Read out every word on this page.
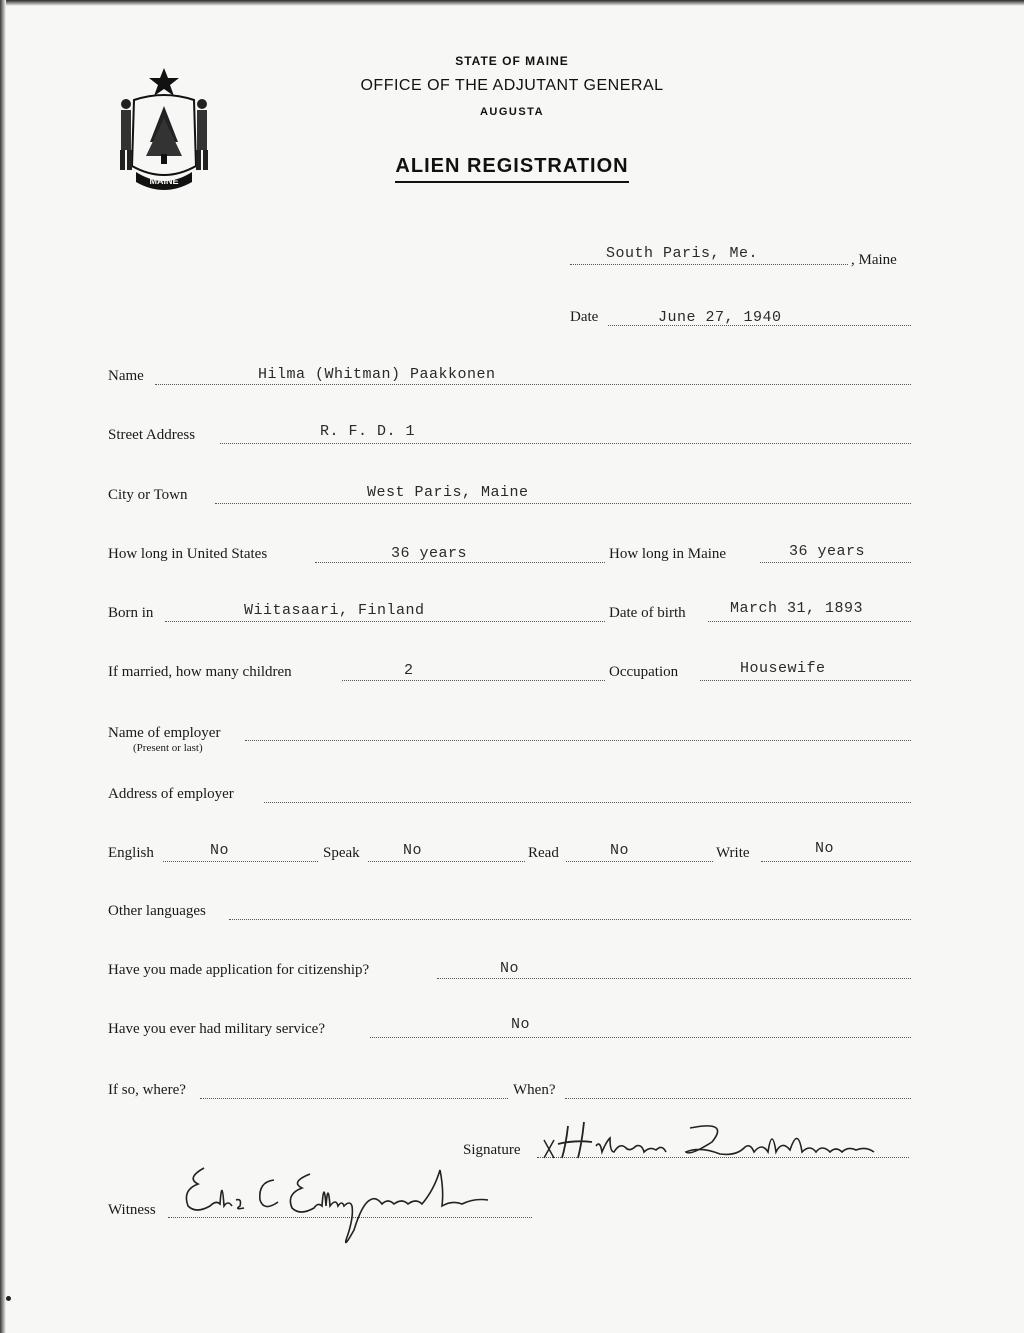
MAINE
STATE OF MAINE
OFFICE OF THE ADJUTANT GENERAL
AUGUSTA
ALIEN REGISTRATION
South Paris, Me.	, Maine
Date	June 27, 1940
Name	Hilma (Whitman) Paakkonen
Street Address	R. F. D. 1
City or Town	West Paris, Maine
How long in United States	36 years	How long in Maine	36 years
Born in	Wiitasaari, Finland	Date of birth	March 31, 1893
If married, how many children	2	Occupation	Housewife
Name of employer
(Present or last)
Address of employer
English	No	Speak	No	Read	No	Write	No
Other languages
Have you made application for citizenship?	No
Have you ever had military service?	No
If so, where?	When?
Signature
Witness
